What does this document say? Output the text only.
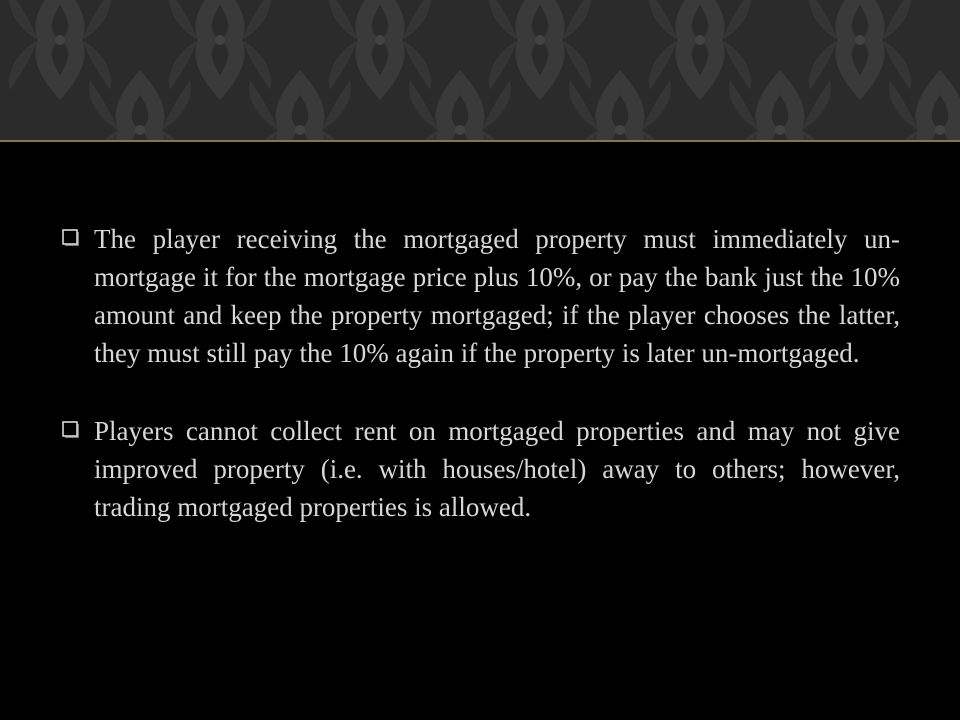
The player receiving the mortgaged property must immediately un-mortgage it for the mortgage price plus 10%, or pay the bank just the 10% amount and keep the property mortgaged; if the player chooses the latter, they must still pay the 10% again if the property is later un-mortgaged.
Players cannot collect rent on mortgaged properties and may not give improved property (i.e. with houses/hotel) away to others; however, trading mortgaged properties is allowed.
